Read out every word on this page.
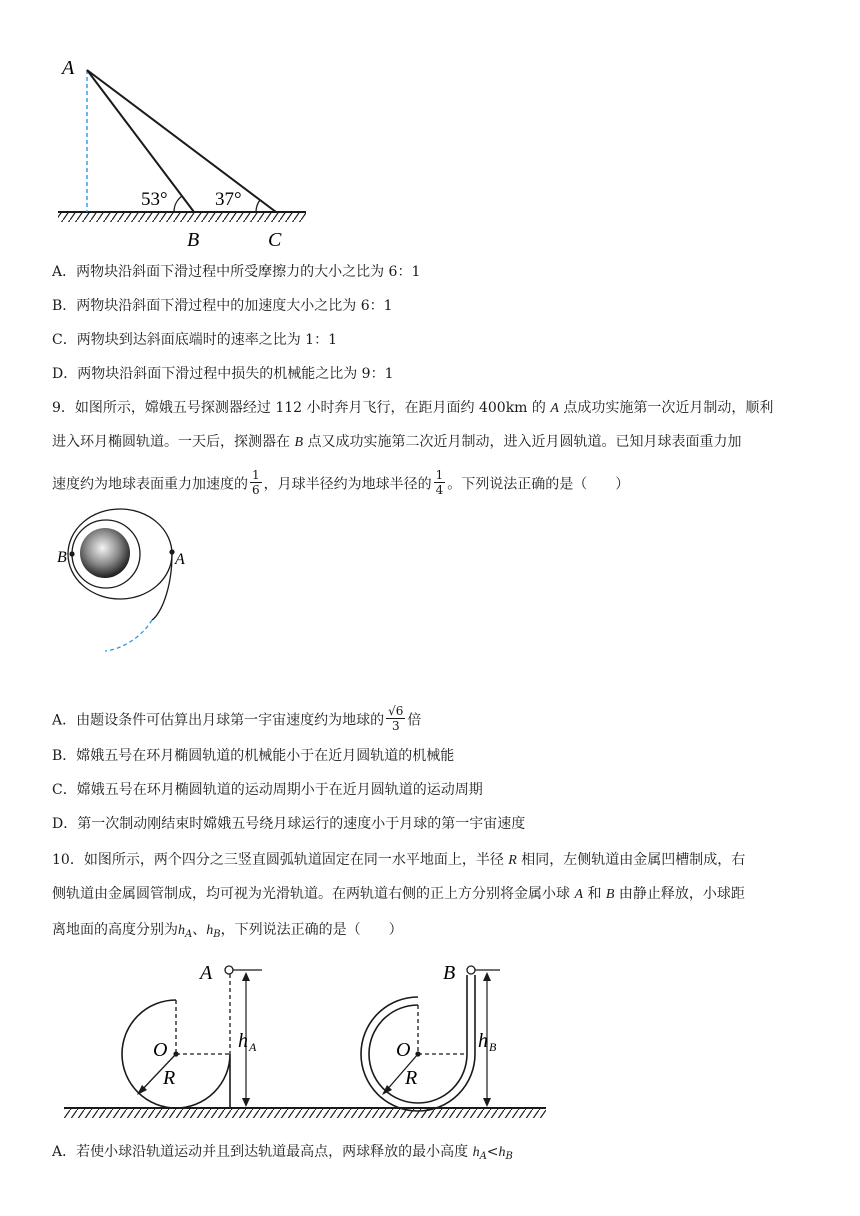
A
B	C
53° 37°
B	A
A
O
R
h A
B
O
R
h B
A．两物块沿斜面下滑过程中所受摩擦力的大小之比为 6：1
B．两物块沿斜面下滑过程中的加速度大小之比为 6：1
C．两物块到达斜面底端时的速率之比为 1：1
D．两物块沿斜面下滑过程中损失的机械能之比为 9：1
9．如图所示，嫦娥五号探测器经过 112 小时奔月飞行，在距月面约 400km 的 A 点成功实施第一次近月制动，顺利
进入环月椭圆轨道。一天后，探测器在 B 点又成功实施第二次近月制动，进入近月圆轨道。已知月球表面重力加
速度约为地球表面重力加速度的 $\frac{1}{6}$ ，月球半径约为地球半径的 $\frac{1}{4}$ 。下列说法正确的是（　　）
A．由题设条件可估算出月球第一宇宙速度约为地球的 $\frac{√6}{3}$ 倍
B．嫦娥五号在环月椭圆轨道的机械能小于在近月圆轨道的机械能
C．嫦娥五号在环月椭圆轨道的运动周期小于在近月圆轨道的运动周期
D．第一次制动刚结束时嫦娥五号绕月球运行的速度小于月球的第一宇宙速度
10．如图所示，两个四分之三竖直圆弧轨道固定在同一水平地面上，半径 R 相同，左侧轨道由金属凹槽制成，右
侧轨道由金属圆管制成，均可视为光滑轨道。在两轨道右侧的正上方分别将金属小球 A 和 B 由静止释放，小球距
离地面的高度分别为$h_A$、$h_B$，下列说法正确的是（　　）
A．若使小球沿轨道运动并且到达轨道最高点，两球释放的最小高度 $h_A<h_B$
